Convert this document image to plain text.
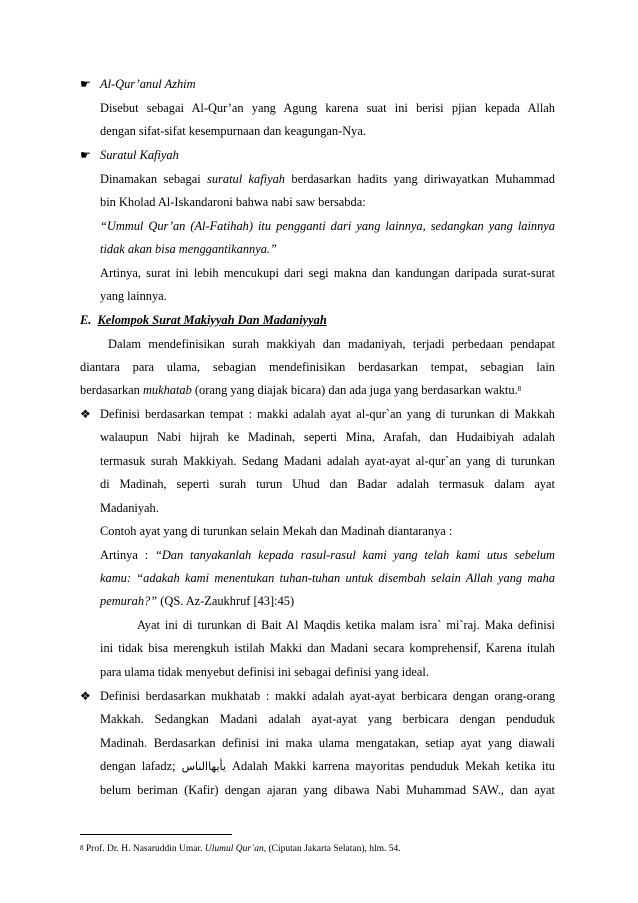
☛ Al-Qur’anul Azhim
Disebut sebagai Al-Qur’an yang Agung karena suat ini berisi pjian kepada Allah
dengan sifat-sifat kesempurnaan dan keagungan-Nya.
☛ Suratul Kafiyah
Dinamakan sebagai suratul kafiyah berdasarkan hadits yang diriwayatkan Muhammad
bin Kholad Al-Iskandaroni bahwa nabi saw bersabda:
“Ummul Qur’an (Al-Fatihah) itu pengganti dari yang lainnya, sedangkan yang lainnya
tidak akan bisa menggantikannya.”
Artinya, surat ini lebih mencukupi dari segi makna dan kandungan daripada surat-surat
yang lainnya.
E. Kelompok Surat Makiyyah Dan Madaniyyah
Dalam mendefinisikan surah makkiyah dan madaniyah, terjadi perbedaan pendapat
diantara para ulama, sebagian mendefinisikan berdasarkan tempat, sebagian lain
berdasarkan mukhatab (orang yang diajak bicara) dan ada juga yang berdasarkan waktu.$^8$
❖ Definisi berdasarkan tempat : makki adalah ayat al-qur`an yang di turunkan di Makkah
walaupun Nabi hijrah ke Madinah, seperti Mina, Arafah, dan Hudaibiyah adalah
termasuk surah Makkiyah. Sedang Madani adalah ayat-ayat al-qur`an yang di turunkan
di Madinah, seperti surah turun Uhud dan Badar adalah termasuk dalam ayat
Madaniyah.
Contoh ayat yang di turunkan selain Mekah dan Madinah diantaranya :
Artinya : “Dan tanyakanlah kepada rasul-rasul kami yang telah kami utus sebelum
kamu: “adakah kami menentukan tuhan-tuhan untuk disembah selain Allah yang maha
pemurah?” (QS. Az-Zaukhruf [43]:45)
Ayat ini di turunkan di Bait Al Maqdis ketika malam isra` mi`raj. Maka definisi
ini tidak bisa merengkuh istilah Makki dan Madani secara komprehensif, Karena itulah
para ulama tidak menyebut definisi ini sebagai definisi yang ideal.
❖ Definisi berdasarkan mukhatab : makki adalah ayat-ayat berbicara dengan orang-orang
Makkah. Sedangkan Madani adalah ayat-ayat yang berbicara dengan penduduk
Madinah. Berdasarkan definisi ini maka ulama mengatakan, setiap ayat yang diawali
dengan lafadz; يأيهاالناس Adalah Makki karrena mayoritas penduduk Mekah ketika itu
belum beriman (Kafir) dengan ajaran yang dibawa Nabi Muhammad SAW., dan ayat
$^8$ Prof. Dr. H. Nasaruddin Umar. Ulumul Qur`an, (Ciputan Jakarta Selatan), hlm. 54.
